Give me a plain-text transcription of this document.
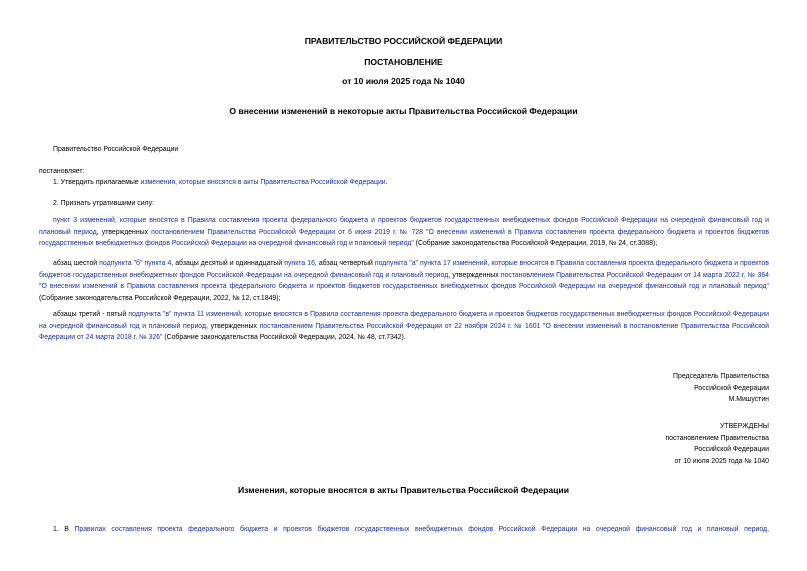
ПРАВИТЕЛЬСТВО РОССИЙСКОЙ ФЕДЕРАЦИИ
ПОСТАНОВЛЕНИЕ
от 10 июля 2025 года № 1040
О внесении изменений в некоторые акты Правительства Российской Федерации
Правительство Российской Федерации
постановляет:
1. Утвердить прилагаемые изменения, которые вносятся в акты Правительства Российской Федерации.
2. Признать утратившими силу:
пункт 3 изменений, которые вносятся в Правила составления проекта федерального бюджета и проектов бюджетов государственных внебюджетных фондов Российской Федерации на очередной финансовый год и плановый период, утвержденных постановлением Правительства Российской Федерации от 6 июня 2019 г. № 728 "О внесении изменений в Правила составления проекта федерального бюджета и проектов бюджетов государственных внебюджетных фондов Российской Федерации на очередной финансовый год и плановый период" (Собрание законодательства Российской Федерации, 2019, № 24, ст.3088);
абзац шестой подпункта "б" пункта 4, абзацы десятый и одиннадцатый пункта 16, абзац четвертый подпункта "а" пункта 17 изменений, которые вносятся в Правила составления проекта федерального бюджета и проектов бюджетов государственных внебюджетных фондов Российской Федерации на очередной финансовый год и плановый период, утвержденных постановлением Правительства Российской Федерации от 14 марта 2022 г. № 364 "О внесении изменений в Правила составления проекта федерального бюджета и проектов бюджетов государственных внебюджетных фондов Российской Федерации на очередной финансовый год и плановый период" (Собрание законодательства Российской Федерации, 2022, № 12, ст.1849);
абзацы третий - пятый подпункта "в" пункта 11 изменений, которые вносятся в Правила составления проекта федерального бюджета и проектов бюджетов государственных внебюджетных фондов Российской Федерации на очередной финансовый год и плановый период, утвержденных постановлением Правительства Российской Федерации от 22 ноября 2024 г. № 1601 "О внесении изменений в постановление Правительства Российской Федерации от 24 марта 2018 г. № 326" (Собрание законодательства Российской Федерации, 2024, № 48, ст.7342).
Председатель Правительства
Российской Федерации
М.Мишустин
УТВЕРЖДЕНЫ
постановлением Правительства
Российской Федерации
от 10 июля 2025 года № 1040
Изменения, которые вносятся в акты Правительства Российской Федерации
1. В Правилах составления проекта федерального бюджета и проектов бюджетов государственных внебюджетных фондов Российской Федерации на очередной финансовый год и плановый период,
